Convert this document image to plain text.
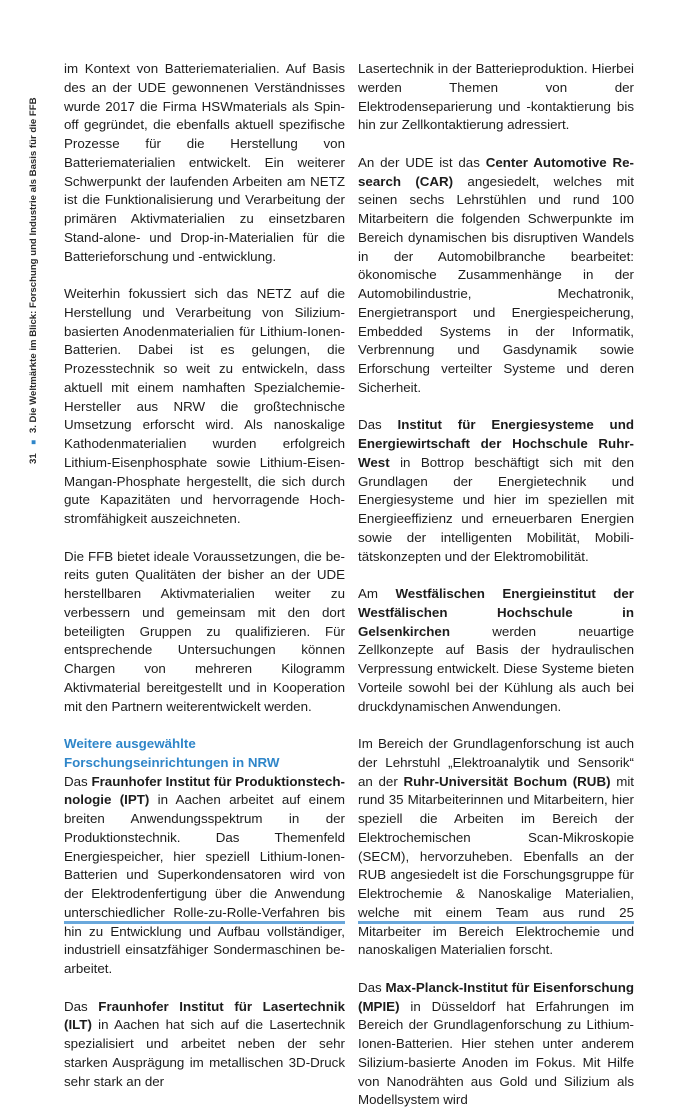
31 ■ 3. Die Weltmärkte im Blick: Forschung und Industrie als Basis für die FFB

im Kontext von Batteriematerialien. Auf Basis des an der UDE gewonnenen Verständnisses wurde 2017 die Firma HSWmaterials als Spin-off gegründet, die ebenfalls aktuell spezifische Prozesse für die Herstellung von Batteriematerialien entwickelt. Ein weiterer Schwerpunkt der laufenden Arbeiten am NETZ ist die Funktionalisierung und Verarbeitung der primären Aktivmaterialien zu einsetzbaren Stand-alone- und Drop-in-Materialien für die Batterieforschung und -entwicklung.

Weiterhin fokussiert sich das NETZ auf die Herstellung und Verarbeitung von Silizium-basierten Anodenmaterialien für Lithium-Ionen-Batterien. Dabei ist es gelungen, die Prozesstechnik so weit zu entwickeln, dass aktuell mit einem namhaften Spezialchemie-Hersteller aus NRW die großtechnische Umsetzung erforscht wird. Als nanoskalige Kathodenmaterialien wurden erfolgreich Lithium-Eisenphosphate sowie Lithium-Eisen-Mangan-Phosphate hergestellt, die sich durch gute Kapazitäten und hervorragende Hochstromfähigkeit auszeichneten.

Die FFB bietet ideale Voraussetzungen, die bereits guten Qualitäten der bisher an der UDE herstellbaren Aktivmaterialien weiter zu verbessern und gemeinsam mit den dort beteiligten Gruppen zu qualifizieren. Für entsprechende Untersuchungen können Chargen von mehreren Kilogramm Aktivmaterial bereitgestellt und in Kooperation mit den Partnern weiterentwickelt werden.

Weitere ausgewählte
Forschungseinrichtungen in NRW

Das Fraunhofer Institut für Produktionstechnologie (IPT) in Aachen arbeitet auf einem breiten Anwendungsspektrum in der Produktionstechnik. Das Themenfeld Energiespeicher, hier speziell Lithium-Ionen-Batterien und Superkondensatoren wird von der Elektrodenfertigung über die Anwendung unterschiedlicher Rolle-zu-Rolle-Verfahren bis hin zu Entwicklung und Aufbau vollständiger, industriell einsatzfähiger Sondermaschinen bearbeitet.

Das Fraunhofer Institut für Lasertechnik (ILT) in Aachen hat sich auf die Lasertechnik spezialisiert und arbeitet neben der sehr starken Ausprägung im metallischen 3D-Druck sehr stark an der

Lasertechnik in der Batterieproduktion. Hierbei werden Themen von der Elektrodenseparierung und -kontaktierung bis hin zur Zellkontaktierung adressiert.

An der UDE ist das Center Automotive Research (CAR) angesiedelt, welches mit seinen sechs Lehrstühlen und rund 100 Mitarbeitern die folgenden Schwerpunkte im Bereich dynamischen bis disruptiven Wandels in der Automobilbranche bearbeitet: ökonomische Zusammenhänge in der Automobilindustrie, Mechatronik, Energietransport und Energiespeicherung, Embedded Systems in der Informatik, Verbrennung und Gasdynamik sowie Erforschung verteilter Systeme und deren Sicherheit.

Das Institut für Energiesysteme und Energiewirtschaft der Hochschule Ruhr-West in Bottrop beschäftigt sich mit den Grundlagen der Energietechnik und Energiesysteme und hier im speziellen mit Energieeffizienz und erneuerbaren Energien sowie der intelligenten Mobilität, Mobilitätskonzepten und der Elektromobilität.

Am Westfälischen Energieinstitut der Westfälischen Hochschule in Gelsenkirchen werden neuartige Zellkonzepte auf Basis der hydraulischen Verpressung entwickelt. Diese Systeme bieten Vorteile sowohl bei der Kühlung als auch bei druckdynamischen Anwendungen.

Im Bereich der Grundlagenforschung ist auch der Lehrstuhl „Elektroanalytik und Sensorik“ an der Ruhr-Universität Bochum (RUB) mit rund 35 Mitarbeiterinnen und Mitarbeitern, hier speziell die Arbeiten im Bereich der Elektrochemischen Scan-Mikroskopie (SECM), hervorzuheben. Ebenfalls an der RUB angesiedelt ist die Forschungsgruppe für Elektrochemie & Nanoskalige Materialien, welche mit einem Team aus rund 25 Mitarbeiter im Bereich Elektrochemie und nanoskaligen Materialien forscht.

Das Max-Planck-Institut für Eisenforschung (MPIE) in Düsseldorf hat Erfahrungen im Bereich der Grundlagenforschung zu Lithium-Ionen-Batterien. Hier stehen unter anderem Silizium-basierte Anoden im Fokus. Mit Hilfe von Nanodrähten aus Gold und Silizium als Modellsystem wird
